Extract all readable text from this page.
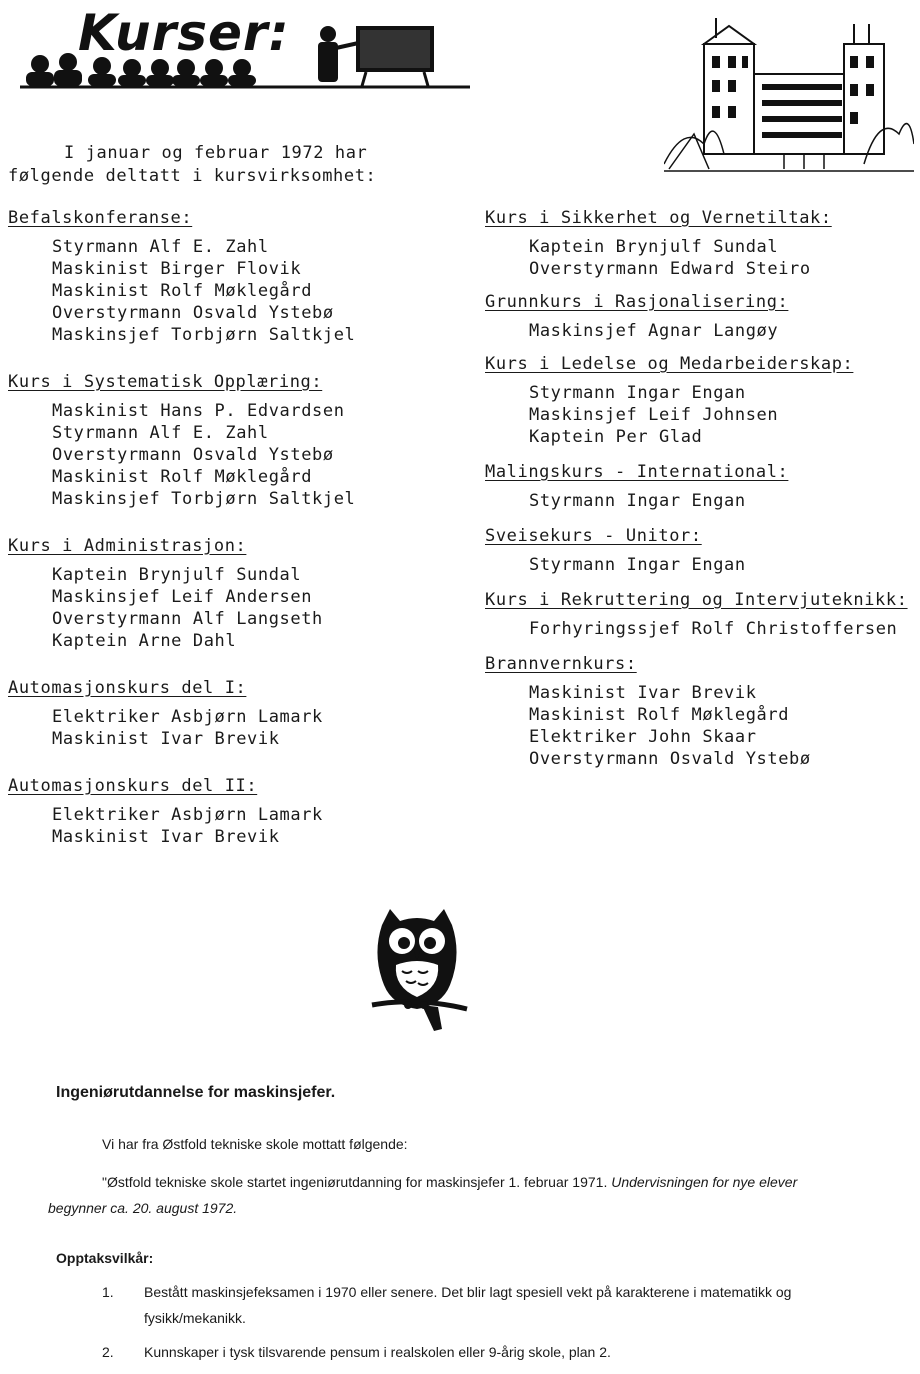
Kurser:
I januar og februar 1972 har
følgende deltatt i kursvirksomhet:
Befalskonferanse:
Styrmann Alf E. Zahl
Maskinist Birger Flovik
Maskinist Rolf Møklegård
Overstyrmann Osvald Ystebø
Maskinsjef Torbjørn Saltkjel
Kurs i Systematisk Opplæring:
Maskinist Hans P. Edvardsen
Styrmann Alf E. Zahl
Overstyrmann Osvald Ystebø
Maskinist Rolf Møklegård
Maskinsjef Torbjørn Saltkjel
Kurs i Administrasjon:
Kaptein Brynjulf Sundal
Maskinsjef Leif Andersen
Overstyrmann Alf Langseth
Kaptein Arne Dahl
Automasjonskurs del I:
Elektriker Asbjørn Lamark
Maskinist Ivar Brevik
Automasjonskurs del II:
Elektriker Asbjørn Lamark
Maskinist Ivar Brevik
Kurs i Sikkerhet og Vernetiltak:
Kaptein Brynjulf Sundal
Overstyrmann Edward Steiro
Grunnkurs i Rasjonalisering:
Maskinsjef Agnar Langøy
Kurs i Ledelse og Medarbeiderskap:
Styrmann Ingar Engan
Maskinsjef Leif Johnsen
Kaptein Per Glad
Malingskurs - International:
Styrmann Ingar Engan
Sveisekurs - Unitor:
Styrmann Ingar Engan
Kurs i Rekruttering og Intervjuteknikk:
Forhyringssjef Rolf Christoffersen
Brannvernkurs:
Maskinist Ivar Brevik
Maskinist Rolf Møklegård
Elektriker John Skaar
Overstyrmann Osvald Ystebø
Ingeniørutdannelse for maskinsjefer.
Vi har fra Østfold tekniske skole mottatt følgende:
"Østfold tekniske skole startet ingeniørutdanning for maskinsjefer 1. februar 1971. Undervisningen for nye elever begynner ca. 20. august 1972.
Opptaksvilkår:
1.	Bestått maskinsjefeksamen i 1970 eller senere. Det blir lagt spesiell vekt på karakterene i matematikk og fysikk/mekanikk.
2.	Kunnskaper i tysk tilsvarende pensum i realskolen eller 9-årig skole, plan 2.
